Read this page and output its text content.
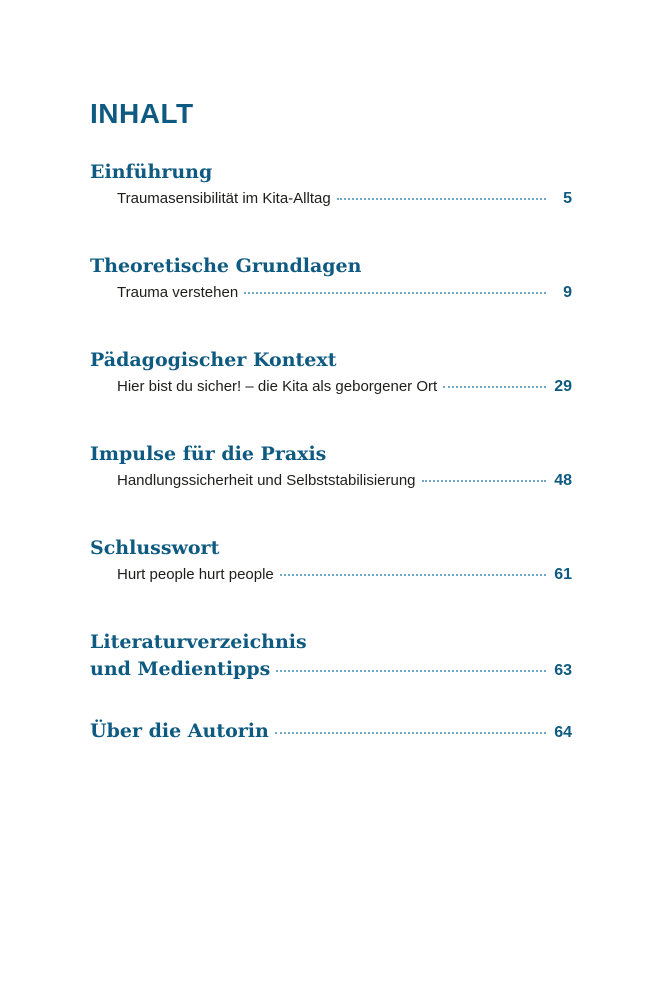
INHALT
Einführung
Traumasensibilität im Kita-Alltag	5
Theoretische Grundlagen
Trauma verstehen	9
Pädagogischer Kontext
Hier bist du sicher! – die Kita als geborgener Ort	29
Impulse für die Praxis
Handlungssicherheit und Selbststabilisierung	48
Schlusswort
Hurt people hurt people	61
Literaturverzeichnis
und Medientipps	63
Über die Autorin	64
